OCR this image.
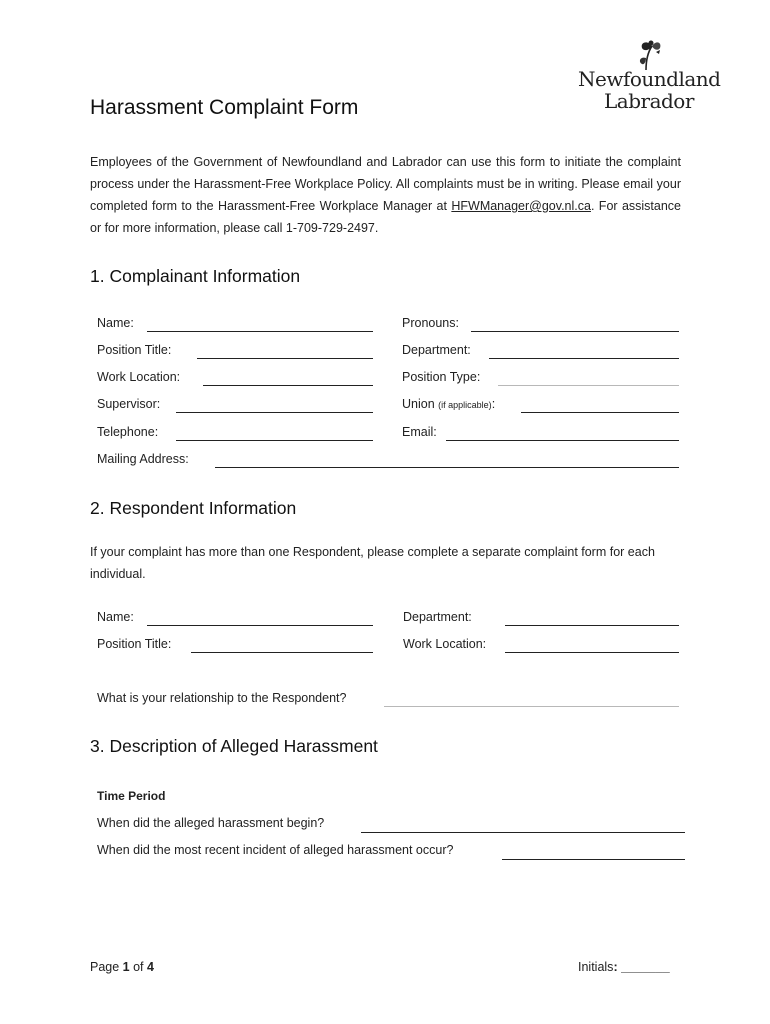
Newfoundland
Labrador
Harassment Complaint Form
Employees of the Government of Newfoundland and Labrador can use this form to initiate the complaint process under the Harassment-Free Workplace Policy. All complaints must be in writing. Please email your completed form to the Harassment-Free Workplace Manager at HFWManager@gov.nl.ca. For assistance or for more information, please call 1-709-729-2497.
1. Complainant Information
Name:	Pronouns:
Position Title:	Department:
Work Location:	Position Type:
Supervisor:	Union (if applicable):
Telephone:	Email:
Mailing Address:
2. Respondent Information
If your complaint has more than one Respondent, please complete a separate complaint form for each individual.
Name:	Department:
Position Title:	Work Location:
What is your relationship to the Respondent?
3. Description of Alleged Harassment
Time Period
When did the alleged harassment begin?
When did the most recent incident of alleged harassment occur?
Page 1 of 4	Initials: _______
